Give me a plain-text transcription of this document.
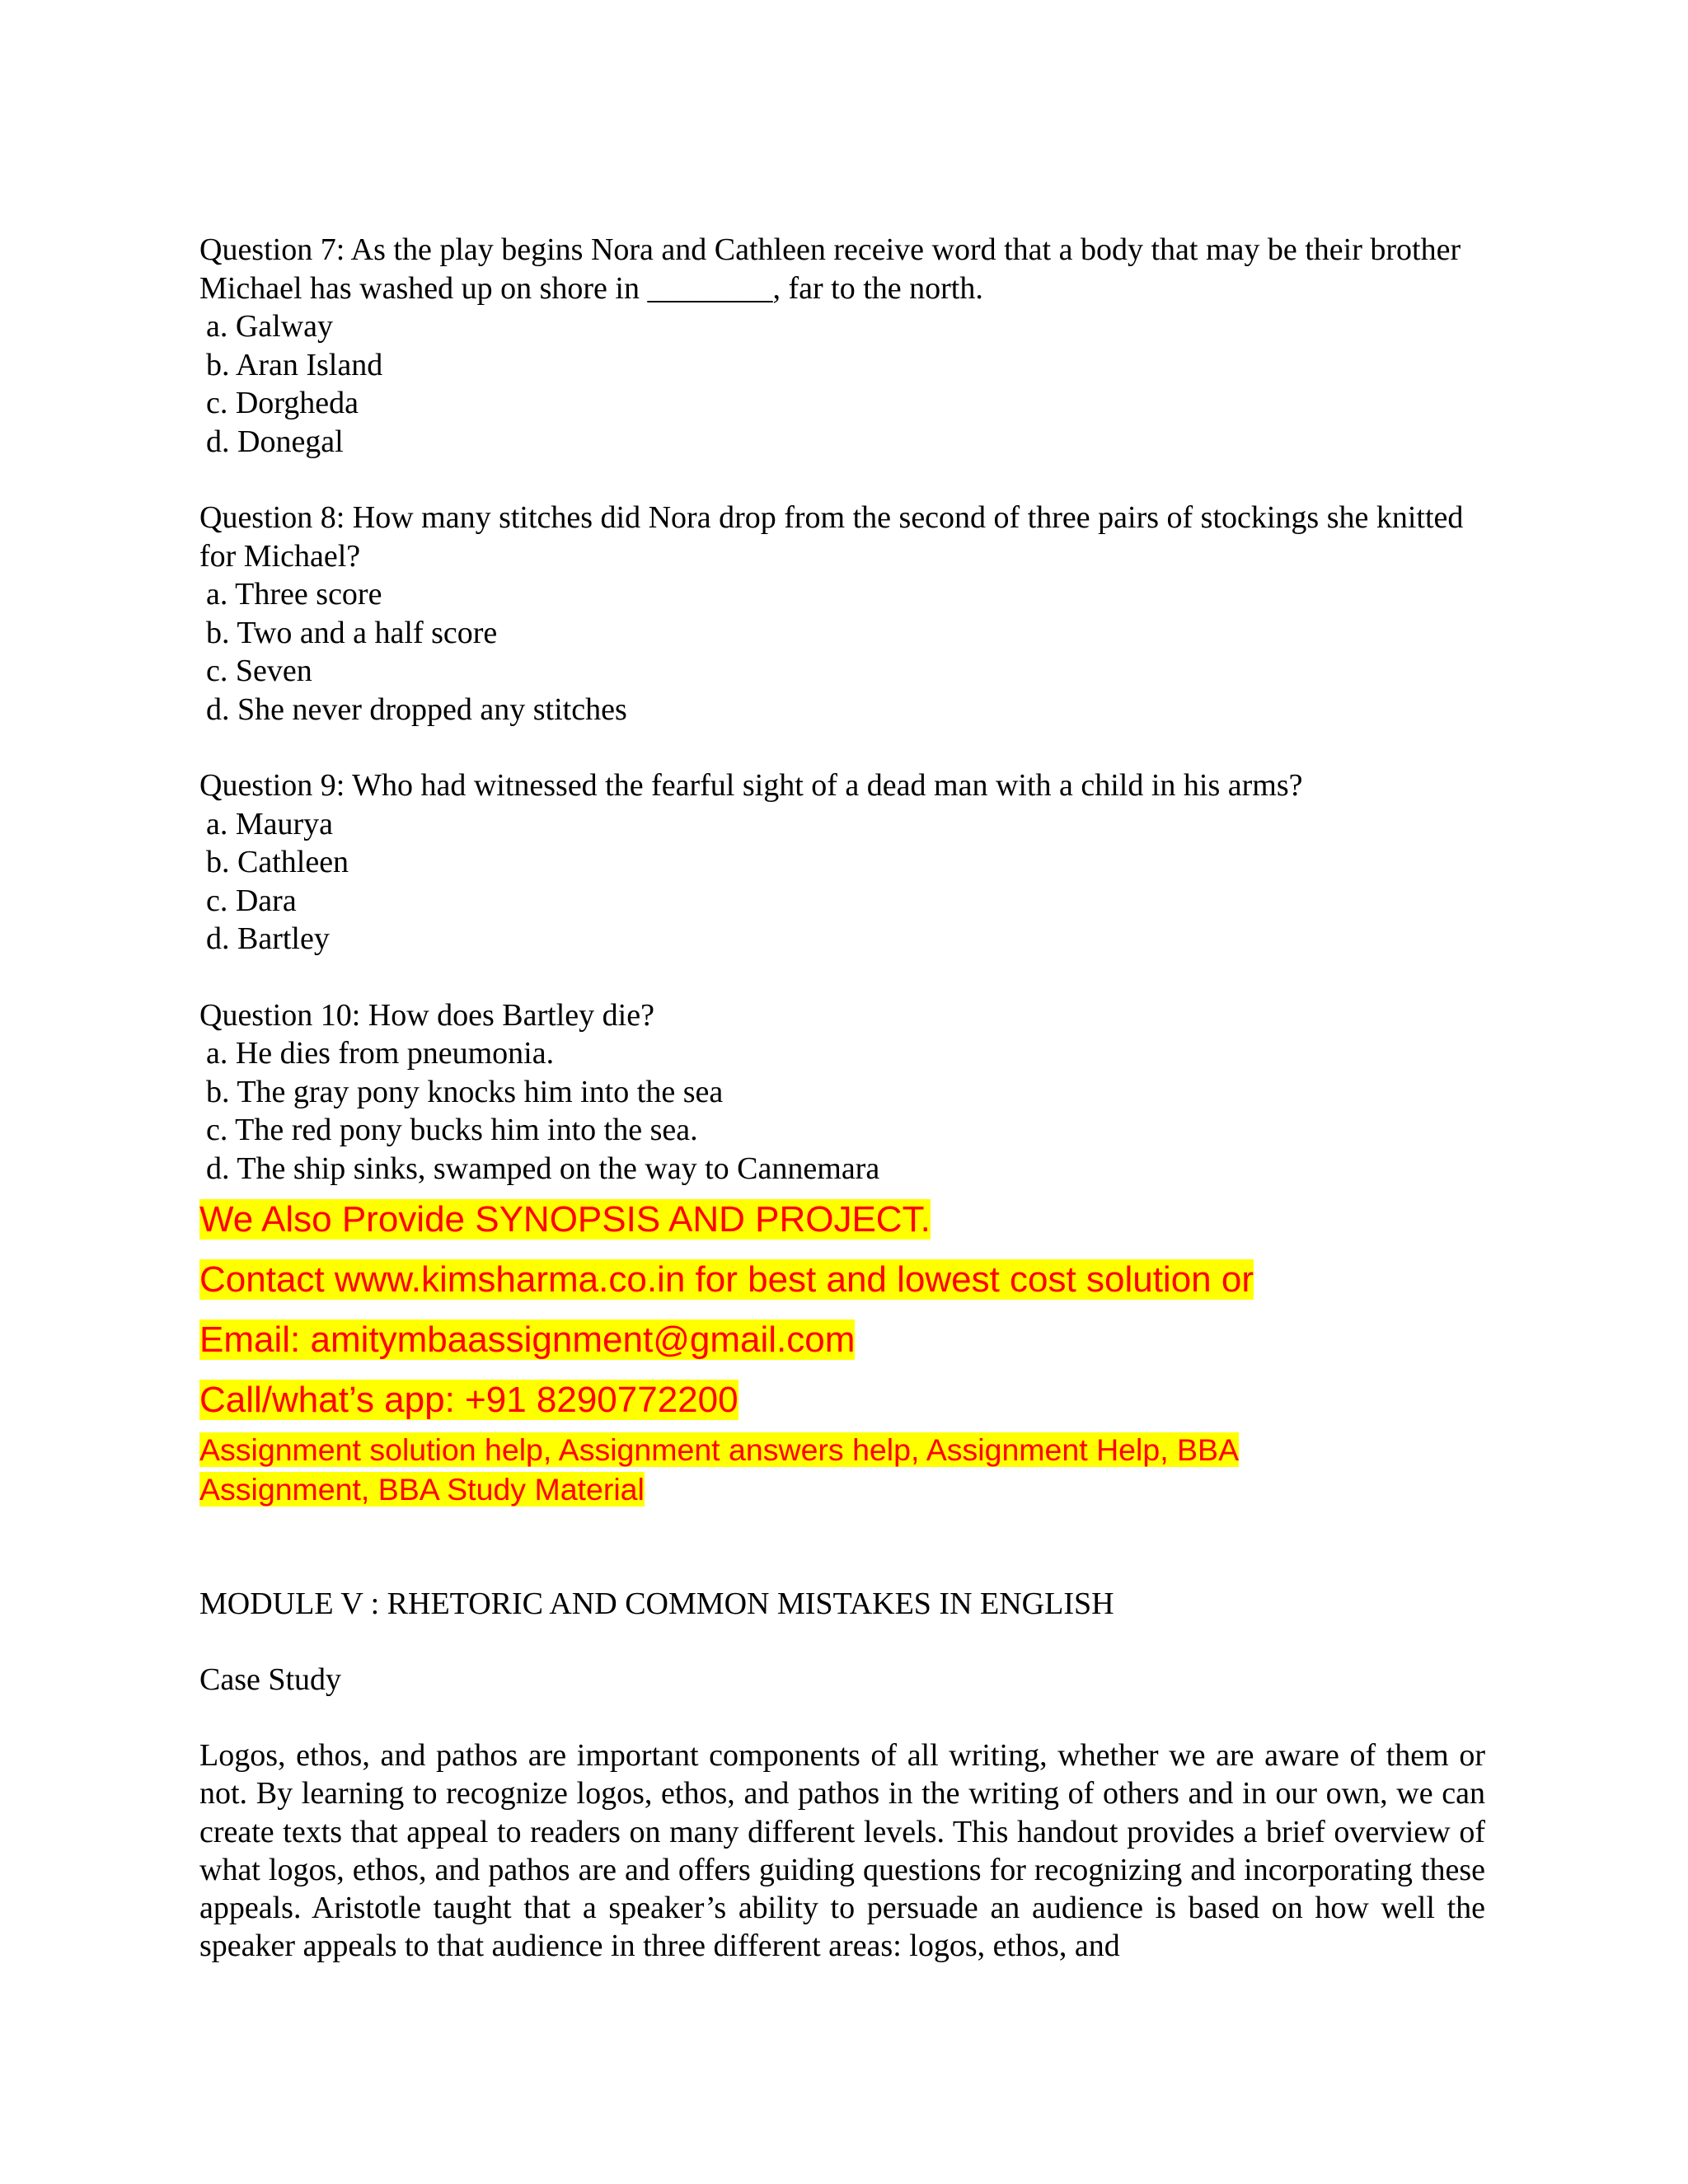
Question 7: As the play begins Nora and Cathleen receive word that a body that may be their brother Michael has washed up on shore in ________, far to the north.

a. Galway

b. Aran Island

c. Dorgheda

d. Donegal

Question 8: How many stitches did Nora drop from the second of three pairs of stockings she knitted for Michael?

a. Three score

b. Two and a half score

c. Seven

d. She never dropped any stitches

Question 9: Who had witnessed the fearful sight of a dead man with a child in his arms?

a. Maurya

b. Cathleen

c. Dara

d. Bartley

Question 10: How does Bartley die?

a. He dies from pneumonia.

b. The gray pony knocks him into the sea

c. The red pony bucks him into the sea.

d. The ship sinks, swamped on the way to Cannemara

We Also Provide SYNOPSIS AND PROJECT.
Contact www.kimsharma.co.in for best and lowest cost solution or
Email: amitymbaassignment@gmail.com
Call/what’s app: +91 8290772200
Assignment solution help, Assignment answers help, Assignment Help, BBA
Assignment, BBA Study Material
MODULE V : RHETORIC AND COMMON MISTAKES IN ENGLISH
Case Study
Logos, ethos, and pathos are important components of all writing, whether we are aware of them or not. By learning to recognize logos, ethos, and pathos in the writing of others and in our own, we can create texts that appeal to readers on many different levels. This handout provides a brief overview of what logos, ethos, and pathos are and offers guiding questions for recognizing and incorporating these appeals. Aristotle taught that a speaker’s ability to persuade an audience is based on how well the speaker appeals to that audience in three different areas: logos, ethos, and
